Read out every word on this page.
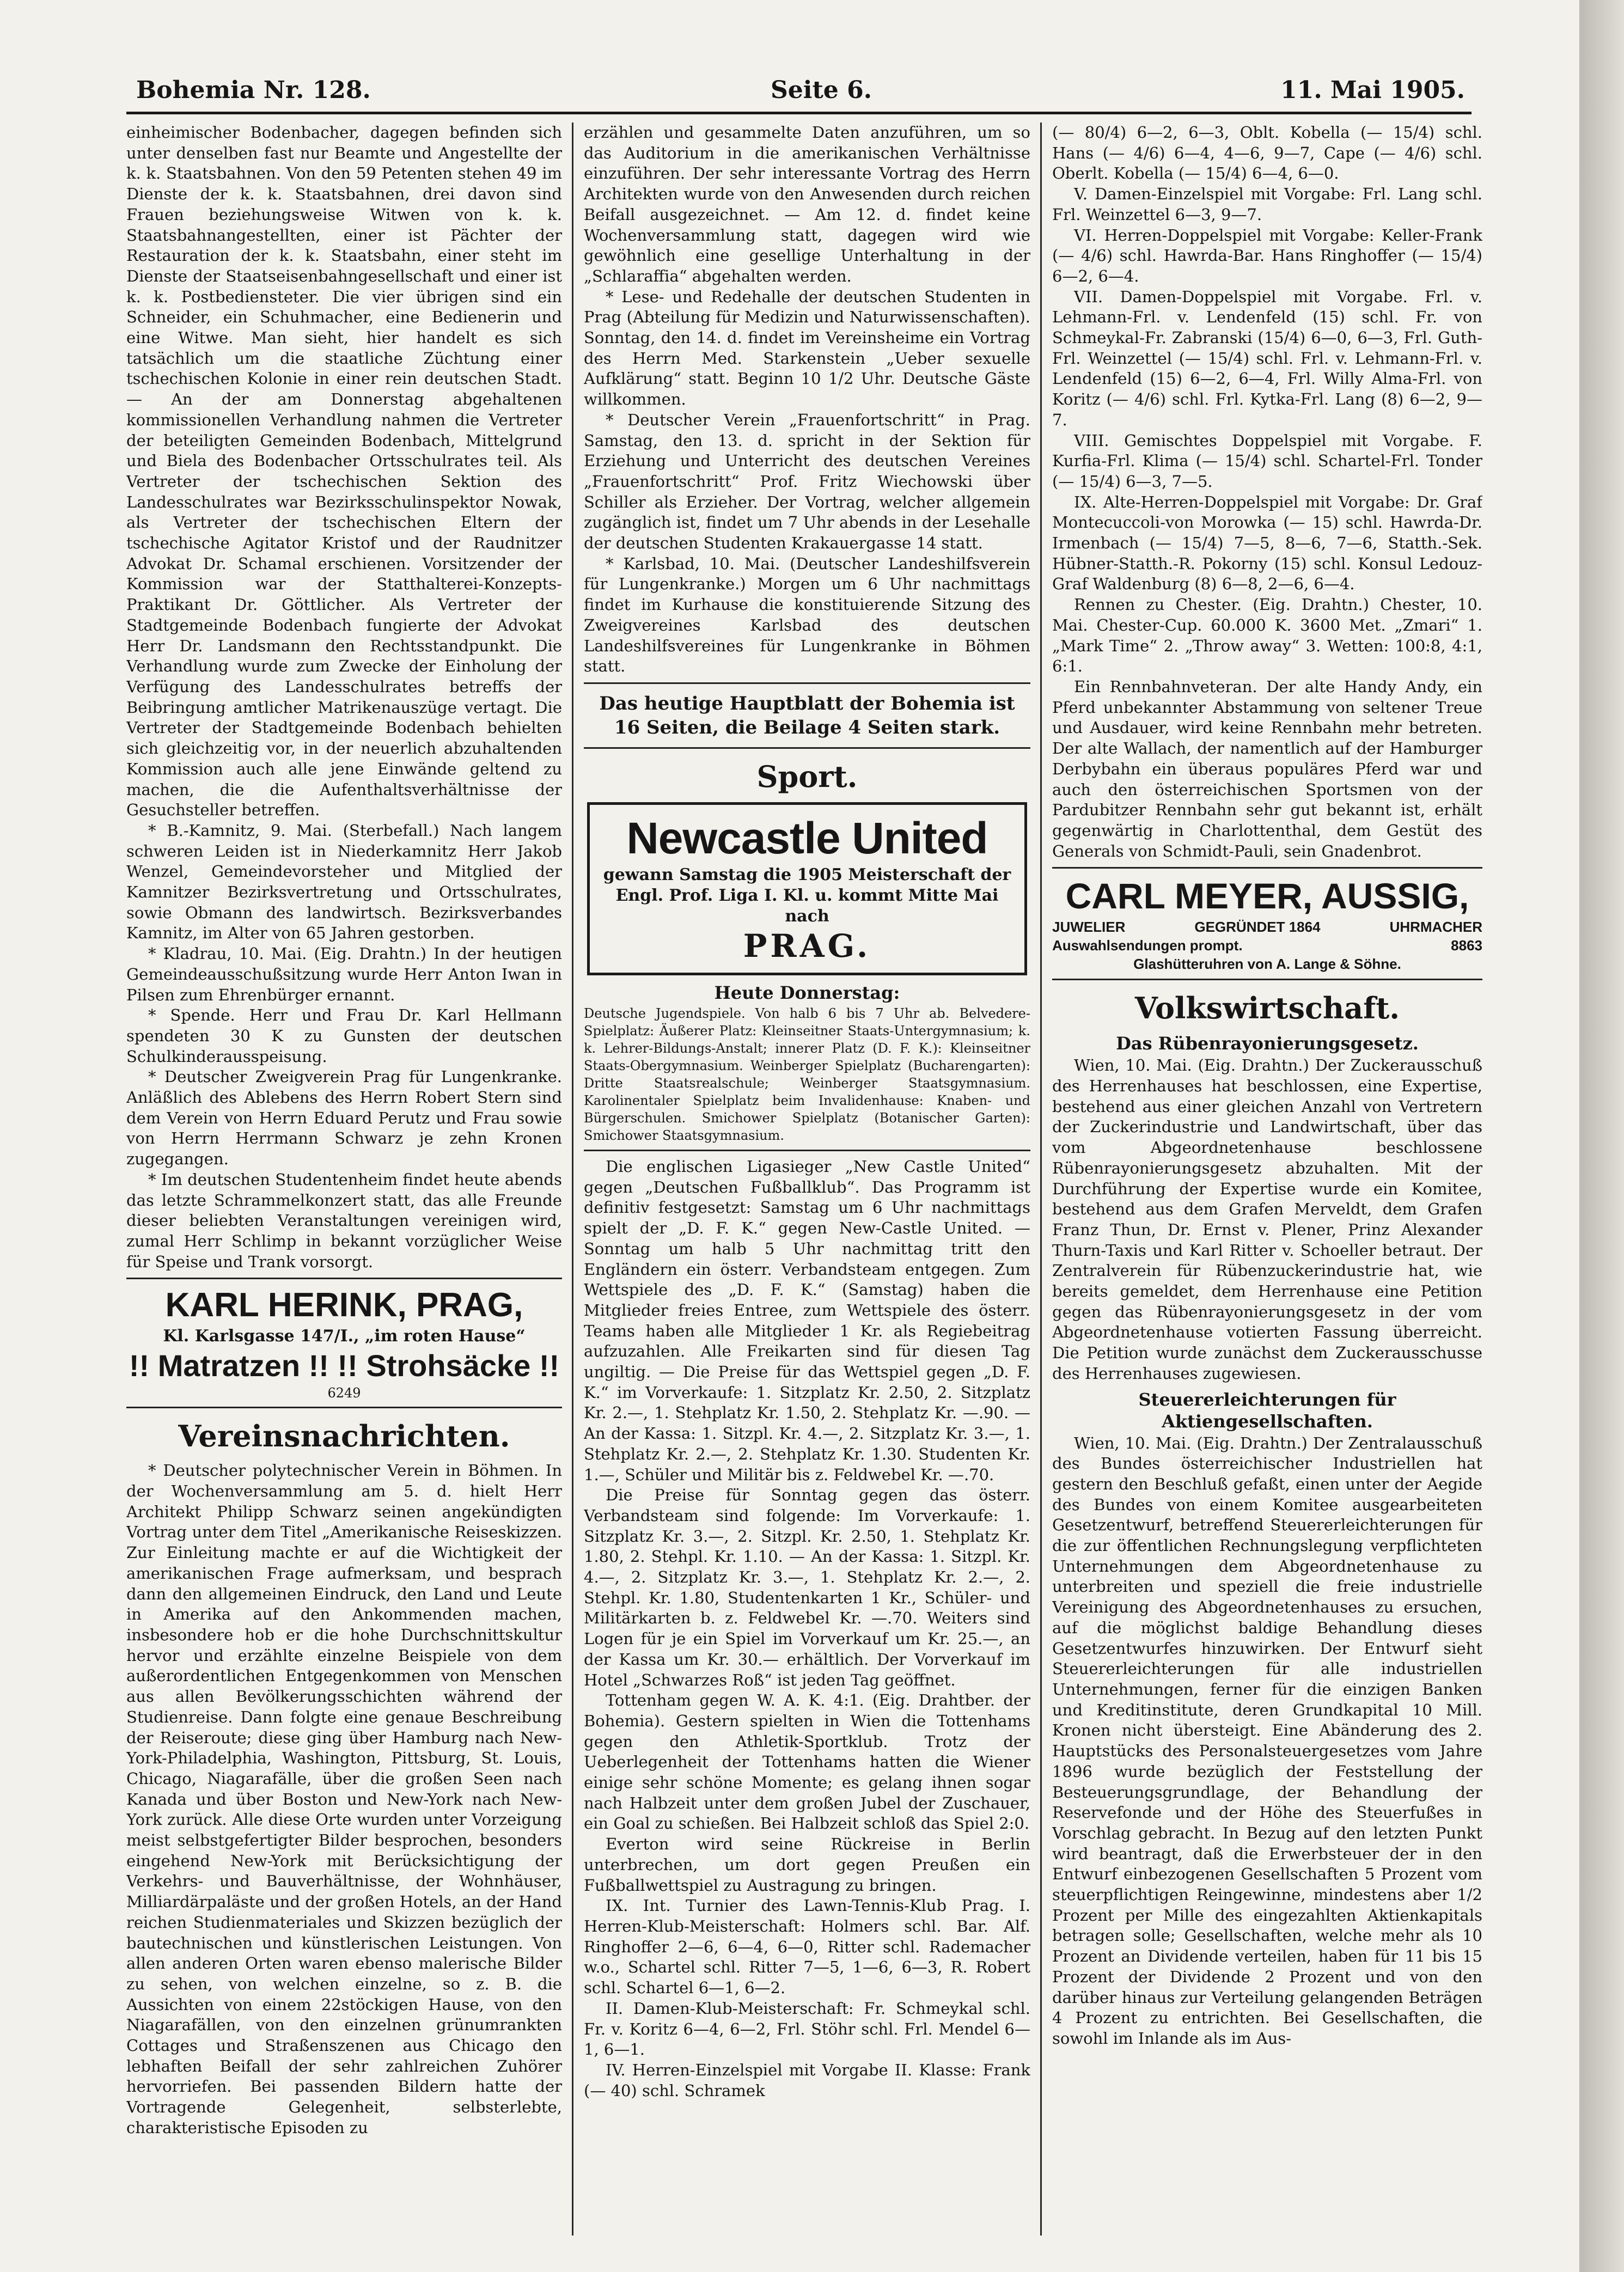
Bohemia Nr. 128.	Seite 6.	11. Mai 1905.

einheimischer Bodenbacher, dagegen befinden sich unter denselben fast nur Beamte und Angestellte der k. k. Staatsbahnen. Von den 59 Petenten stehen 49 im Dienste der k. k. Staatsbahnen, drei davon sind Frauen beziehungsweise Witwen von k. k. Staatsbahnangestellten, einer ist Pächter der Restauration der k. k. Staatsbahn, einer steht im Dienste der Staatseisenbahngesellschaft und einer ist k. k. Postbediensteter. Die vier übrigen sind ein Schneider, ein Schuhmacher, eine Bedienerin und eine Witwe. Man sieht, hier handelt es sich tatsächlich um die staatliche Züchtung einer tschechischen Kolonie in einer rein deutschen Stadt. — An der am Donnerstag abgehaltenen kommissionellen Verhandlung nahmen die Vertreter der beteiligten Gemeinden Bodenbach, Mittelgrund und Biela des Bodenbacher Ortsschulrates teil. Als Vertreter der tschechischen Sektion des Landesschulrates war Bezirksschulinspektor Nowak, als Vertreter der tschechischen Eltern der tschechische Agitator Kristof und der Raudnitzer Advokat Dr. Schamal erschienen. Vorsitzender der Kommission war der Statthalterei-Konzepts-Praktikant Dr. Göttlicher. Als Vertreter der Stadtgemeinde Bodenbach fungierte der Advokat Herr Dr. Landsmann den Rechtsstandpunkt. Die Verhandlung wurde zum Zwecke der Einholung der Verfügung des Landesschulrates betreffs der Beibringung amtlicher Matrikenauszüge vertagt. Die Vertreter der Stadtgemeinde Bodenbach behielten sich gleichzeitig vor, in der neuerlich abzuhaltenden Kommission auch alle jene Einwände geltend zu machen, die die Aufenthaltsverhältnisse der Gesuchsteller betreffen.

* B.-Kamnitz, 9. Mai. (Sterbefall.) Nach langem schweren Leiden ist in Niederkamnitz Herr Jakob Wenzel, Gemeindevorsteher und Mitglied der Kamnitzer Bezirksvertretung und Ortsschulrates, sowie Obmann des landwirtsch. Bezirksverbandes Kamnitz, im Alter von 65 Jahren gestorben.

* Kladrau, 10. Mai. (Eig. Drahtn.) In der heutigen Gemeindeausschußsitzung wurde Herr Anton Iwan in Pilsen zum Ehrenbürger ernannt.

* Spende. Herr und Frau Dr. Karl Hellmann spendeten 30 K zu Gunsten der deutschen Schulkinderausspeisung.

* Deutscher Zweigverein Prag für Lungenkranke. Anläßlich des Ablebens des Herrn Robert Stern sind dem Verein von Herrn Eduard Perutz und Frau sowie von Herrn Herrmann Schwarz je zehn Kronen zugegangen.

* Im deutschen Studentenheim findet heute abends das letzte Schrammelkonzert statt, das alle Freunde dieser beliebten Veranstaltungen vereinigen wird, zumal Herr Schlimp in bekannt vorzüglicher Weise für Speise und Trank vorsorgt.

KARL HERINK, PRAG,
Kl. Karlsgasse 147/I., „im roten Hause“
!! Matratzen !! !! Strohsäcke !!
6249
Vereinsnachrichten.

* Deutscher polytechnischer Verein in Böhmen. In der Wochenversammlung am 5. d. hielt Herr Architekt Philipp Schwarz seinen angekündigten Vortrag unter dem Titel „Amerikanische Reiseskizzen. Zur Einleitung machte er auf die Wichtigkeit der amerikanischen Frage aufmerksam, und besprach dann den allgemeinen Eindruck, den Land und Leute in Amerika auf den Ankommenden machen, insbesondere hob er die hohe Durchschnittskultur hervor und erzählte einzelne Beispiele von dem außerordentlichen Entgegenkommen von Menschen aus allen Bevölkerungsschichten während der Studienreise. Dann folgte eine genaue Beschreibung der Reiseroute; diese ging über Hamburg nach New-York-Philadelphia, Washington, Pittsburg, St. Louis, Chicago, Niagarafälle, über die großen Seen nach Kanada und über Boston und New-York nach New-York zurück. Alle diese Orte wurden unter Vorzeigung meist selbstgefertigter Bilder besprochen, besonders eingehend New-York mit Berücksichtigung der Verkehrs- und Bauverhältnisse, der Wohnhäuser, Milliardärpaläste und der großen Hotels, an der Hand reichen Studienmateriales und Skizzen bezüglich der bautechnischen und künstlerischen Leistungen. Von allen anderen Orten waren ebenso malerische Bilder zu sehen, von welchen einzelne, so z. B. die Aussichten von einem 22stöckigen Hause, von den Niagarafällen, von den einzelnen grünumrankten Cottages und Straßenszenen aus Chicago den lebhaften Beifall der sehr zahlreichen Zuhörer hervorriefen. Bei passenden Bildern hatte der Vortragende Gelegenheit, selbsterlebte, charakteristische Episoden zu

erzählen und gesammelte Daten anzuführen, um so das Auditorium in die amerikanischen Verhältnisse einzuführen. Der sehr interessante Vortrag des Herrn Architekten wurde von den Anwesenden durch reichen Beifall ausgezeichnet. — Am 12. d. findet keine Wochenversammlung statt, dagegen wird wie gewöhnlich eine gesellige Unterhaltung in der „Schlaraffia“ abgehalten werden.

* Lese- und Redehalle der deutschen Studenten in Prag (Abteilung für Medizin und Naturwissenschaften). Sonntag, den 14. d. findet im Vereinsheime ein Vortrag des Herrn Med. Starkenstein „Ueber sexuelle Aufklärung“ statt. Beginn 10 1/2 Uhr. Deutsche Gäste willkommen.

* Deutscher Verein „Frauenfortschritt“ in Prag. Samstag, den 13. d. spricht in der Sektion für Erziehung und Unterricht des deutschen Vereines „Frauenfortschritt“ Prof. Fritz Wiechowski über Schiller als Erzieher. Der Vortrag, welcher allgemein zugänglich ist, findet um 7 Uhr abends in der Lesehalle der deutschen Studenten Krakauergasse 14 statt.

* Karlsbad, 10. Mai. (Deutscher Landeshilfsverein für Lungenkranke.) Morgen um 6 Uhr nachmittags findet im Kurhause die konstituierende Sitzung des Zweigvereines Karlsbad des deutschen Landeshilfsvereines für Lungenkranke in Böhmen statt.

Das heutige Hauptblatt der Bohemia ist 16 Seiten, die Beilage 4 Seiten stark.
Sport.
Newcastle United
gewann Samstag die 1905 Meisterschaft der Engl. Prof. Liga I. Kl. u. kommt Mitte Mai nach
PRAG.
Heute Donnerstag:

Deutsche Jugendspiele. Von halb 6 bis 7 Uhr ab. Belvedere-Spielplatz: Äußerer Platz: Kleinseitner Staats-Untergymnasium; k. k. Lehrer-Bildungs-Anstalt; innerer Platz (D. F. K.): Kleinseitner Staats-Obergymnasium. Weinberger Spielplatz (Bucharengarten): Dritte Staatsrealschule; Weinberger Staatsgymnasium. Karolinentaler Spielplatz beim Invalidenhause: Knaben- und Bürgerschulen. Smichower Spielplatz (Botanischer Garten): Smichower Staatsgymnasium.

Die englischen Ligasieger „New Castle United“ gegen „Deutschen Fußballklub“. Das Programm ist definitiv festgesetzt: Samstag um 6 Uhr nachmittags spielt der „D. F. K.“ gegen New-Castle United. — Sonntag um halb 5 Uhr nachmittag tritt den Engländern ein österr. Verbandsteam entgegen. Zum Wettspiele des „D. F. K.“ (Samstag) haben die Mitglieder freies Entree, zum Wettspiele des österr. Teams haben alle Mitglieder 1 Kr. als Regiebeitrag aufzuzahlen. Alle Freikarten sind für diesen Tag ungiltig. — Die Preise für das Wettspiel gegen „D. F. K.“ im Vorverkaufe: 1. Sitzplatz Kr. 2.50, 2. Sitzplatz Kr. 2.—, 1. Stehplatz Kr. 1.50, 2. Stehplatz Kr. —.90. — An der Kassa: 1. Sitzpl. Kr. 4.—, 2. Sitzplatz Kr. 3.—, 1. Stehplatz Kr. 2.—, 2. Stehplatz Kr. 1.30. Studenten Kr. 1.—, Schüler und Militär bis z. Feldwebel Kr. —.70.

Die Preise für Sonntag gegen das österr. Verbandsteam sind folgende: Im Vorverkaufe: 1. Sitzplatz Kr. 3.—, 2. Sitzpl. Kr. 2.50, 1. Stehplatz Kr. 1.80, 2. Stehpl. Kr. 1.10. — An der Kassa: 1. Sitzpl. Kr. 4.—, 2. Sitzplatz Kr. 3.—, 1. Stehplatz Kr. 2.—, 2. Stehpl. Kr. 1.80, Studentenkarten 1 Kr., Schüler- und Militärkarten b. z. Feldwebel Kr. —.70. Weiters sind Logen für je ein Spiel im Vorverkauf um Kr. 25.—, an der Kassa um Kr. 30.— erhältlich. Der Vorverkauf im Hotel „Schwarzes Roß“ ist jeden Tag geöffnet.

Tottenham gegen W. A. K. 4:1. (Eig. Drahtber. der Bohemia). Gestern spielten in Wien die Tottenhams gegen den Athletik-Sportklub. Trotz der Ueberlegenheit der Tottenhams hatten die Wiener einige sehr schöne Momente; es gelang ihnen sogar nach Halbzeit unter dem großen Jubel der Zuschauer, ein Goal zu schießen. Bei Halbzeit schloß das Spiel 2:0.

Everton wird seine Rückreise in Berlin unterbrechen, um dort gegen Preußen ein Fußballwettspiel zu Austragung zu bringen.

IX. Int. Turnier des Lawn-Tennis-Klub Prag. I. Herren-Klub-Meisterschaft: Holmers schl. Bar. Alf. Ringhoffer 2—6, 6—4, 6—0, Ritter schl. Rademacher w.o., Schartel schl. Ritter 7—5, 1—6, 6—3, R. Robert schl. Schartel 6—1, 6—2.

II. Damen-Klub-Meisterschaft: Fr. Schmeykal schl. Fr. v. Koritz 6—4, 6—2, Frl. Stöhr schl. Frl. Mendel 6—1, 6—1.

IV. Herren-Einzelspiel mit Vorgabe II. Klasse: Frank (— 40) schl. Schramek

(— 80/4) 6—2, 6—3, Oblt. Kobella (— 15/4) schl. Hans (— 4/6) 6—4, 4—6, 9—7, Cape (— 4/6) schl. Oberlt. Kobella (— 15/4) 6—4, 6—0.

V. Damen-Einzelspiel mit Vorgabe: Frl. Lang schl. Frl. Weinzettel 6—3, 9—7.

VI. Herren-Doppelspiel mit Vorgabe: Keller-Frank (— 4/6) schl. Hawrda-Bar. Hans Ringhoffer (— 15/4) 6—2, 6—4.

VII. Damen-Doppelspiel mit Vorgabe. Frl. v. Lehmann-Frl. v. Lendenfeld (15) schl. Fr. von Schmeykal-Fr. Zabranski (15/4) 6—0, 6—3, Frl. Guth-Frl. Weinzettel (— 15/4) schl. Frl. v. Lehmann-Frl. v. Lendenfeld (15) 6—2, 6—4, Frl. Willy Alma-Frl. von Koritz (— 4/6) schl. Frl. Kytka-Frl. Lang (8) 6—2, 9—7.

VIII. Gemischtes Doppelspiel mit Vorgabe. F. Kurfia-Frl. Klima (— 15/4) schl. Schartel-Frl. Tonder (— 15/4) 6—3, 7—5.

IX. Alte-Herren-Doppelspiel mit Vorgabe: Dr. Graf Montecuccoli-von Morowka (— 15) schl. Hawrda-Dr. Irmenbach (— 15/4) 7—5, 8—6, 7—6, Statth.-Sek. Hübner-Statth.-R. Pokorny (15) schl. Konsul Ledouz-Graf Waldenburg (8) 6—8, 2—6, 6—4.

Rennen zu Chester. (Eig. Drahtn.) Chester, 10. Mai. Chester-Cup. 60.000 K. 3600 Met. „Zmari“ 1. „Mark Time“ 2. „Throw away“ 3. Wetten: 100:8, 4:1, 6:1.

Ein Rennbahnveteran. Der alte Handy Andy, ein Pferd unbekannter Abstammung von seltener Treue und Ausdauer, wird keine Rennbahn mehr betreten. Der alte Wallach, der namentlich auf der Hamburger Derbybahn ein überaus populäres Pferd war und auch den österreichischen Sportsmen von der Pardubitzer Rennbahn sehr gut bekannt ist, erhält gegenwärtig in Charlottenthal, dem Gestüt des Generals von Schmidt-Pauli, sein Gnadenbrot.

CARL MEYER, AUSSIG,
JUWELIER	GEGRÜNDET 1864	UHRMACHER
Auswahlsendungen prompt.	8863
Glashütteruhren von A. Lange & Söhne.
Volkswirtschaft.
Das Rübenrayonierungsgesetz.

Wien, 10. Mai. (Eig. Drahtn.) Der Zuckerausschuß des Herrenhauses hat beschlossen, eine Expertise, bestehend aus einer gleichen Anzahl von Vertretern der Zuckerindustrie und Landwirtschaft, über das vom Abgeordnetenhause beschlossene Rübenrayonierungsgesetz abzuhalten. Mit der Durchführung der Expertise wurde ein Komitee, bestehend aus dem Grafen Merveldt, dem Grafen Franz Thun, Dr. Ernst v. Plener, Prinz Alexander Thurn-Taxis und Karl Ritter v. Schoeller betraut. Der Zentralverein für Rübenzuckerindustrie hat, wie bereits gemeldet, dem Herrenhause eine Petition gegen das Rübenrayonierungsgesetz in der vom Abgeordnetenhause votierten Fassung überreicht. Die Petition wurde zunächst dem Zuckerausschusse des Herrenhauses zugewiesen.

Steuererleichterungen für Aktiengesellschaften.

Wien, 10. Mai. (Eig. Drahtn.) Der Zentralausschuß des Bundes österreichischer Industriellen hat gestern den Beschluß gefaßt, einen unter der Aegide des Bundes von einem Komitee ausgearbeiteten Gesetzentwurf, betreffend Steuererleichterungen für die zur öffentlichen Rechnungslegung verpflichteten Unternehmungen dem Abgeordnetenhause zu unterbreiten und speziell die freie industrielle Vereinigung des Abgeordnetenhauses zu ersuchen, auf die möglichst baldige Behandlung dieses Gesetzentwurfes hinzuwirken. Der Entwurf sieht Steuererleichterungen für alle industriellen Unternehmungen, ferner für die einzigen Banken und Kreditinstitute, deren Grundkapital 10 Mill. Kronen nicht übersteigt. Eine Abänderung des 2. Hauptstücks des Personalsteuergesetzes vom Jahre 1896 wurde bezüglich der Feststellung der Besteuerungsgrundlage, der Behandlung der Reservefonde und der Höhe des Steuerfußes in Vorschlag gebracht. In Bezug auf den letzten Punkt wird beantragt, daß die Erwerbsteuer der in den Entwurf einbezogenen Gesellschaften 5 Prozent vom steuerpflichtigen Reingewinne, mindestens aber 1/2 Prozent per Mille des eingezahlten Aktienkapitals betragen solle; Gesellschaften, welche mehr als 10 Prozent an Dividende verteilen, haben für 11 bis 15 Prozent der Dividende 2 Prozent und von den darüber hinaus zur Verteilung gelangenden Beträgen 4 Prozent zu entrichten. Bei Gesellschaften, die sowohl im Inlande als im Aus-
